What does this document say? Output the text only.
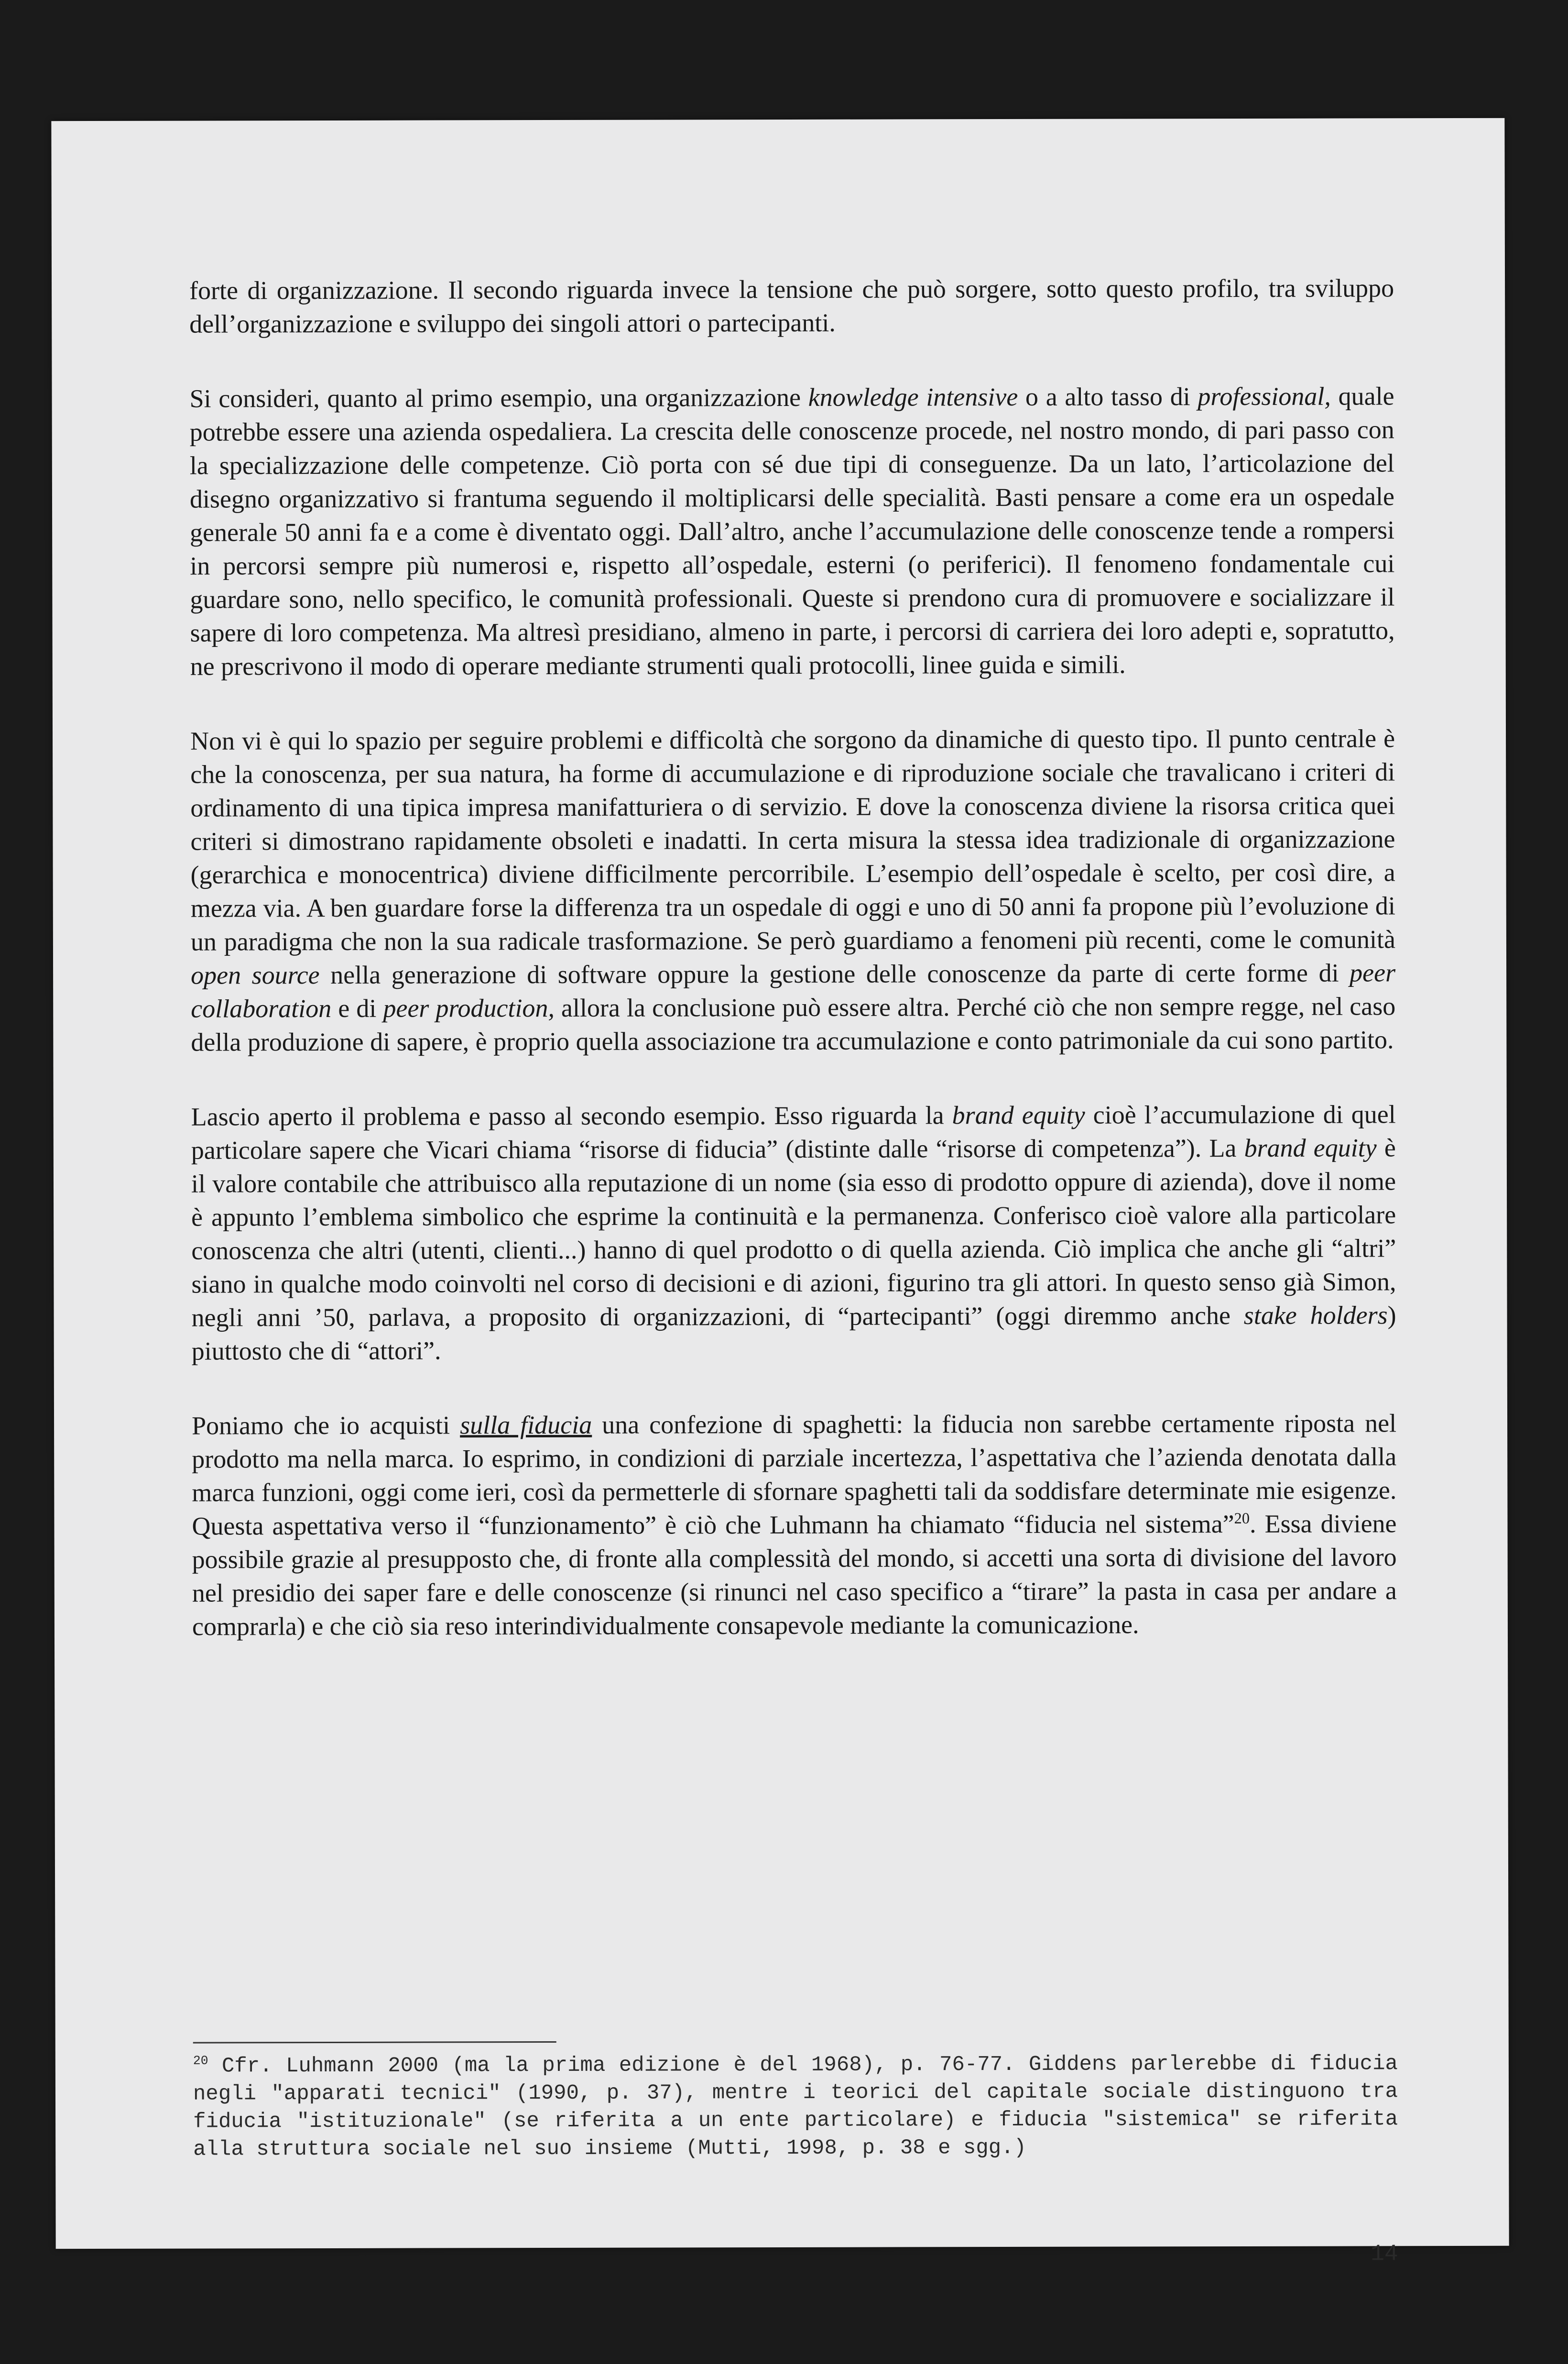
forte di organizzazione. Il secondo riguarda invece la tensione che può sorgere, sotto questo profilo, tra sviluppo dell’organizzazione e sviluppo dei singoli attori o partecipanti.

Si consideri, quanto al primo esempio, una organizzazione knowledge intensive o a alto tasso di professional, quale potrebbe essere una azienda ospedaliera. La crescita delle conoscenze procede, nel nostro mondo, di pari passo con la specializzazione delle competenze. Ciò porta con sé due tipi di conseguenze. Da un lato, l’articolazione del disegno organizzativo si frantuma seguendo il moltiplicarsi delle specialità. Basti pensare a come era un ospedale generale 50 anni fa e a come è diventato oggi. Dall’altro, anche l’accumulazione delle conoscenze tende a rompersi in percorsi sempre più numerosi e, rispetto all’ospedale, esterni (o periferici). Il fenomeno fondamentale cui guardare sono, nello specifico, le comunità professionali. Queste si prendono cura di promuovere e socializzare il sapere di loro competenza. Ma altresì presidiano, almeno in parte, i percorsi di carriera dei loro adepti e, sopratutto, ne prescrivono il modo di operare mediante strumenti quali protocolli, linee guida e simili.

Non vi è qui lo spazio per seguire problemi e difficoltà che sorgono da dinamiche di questo tipo. Il punto centrale è che la conoscenza, per sua natura, ha forme di accumulazione e di riproduzione sociale che travalicano i criteri di ordinamento di una tipica impresa manifatturiera o di servizio. E dove la conoscenza diviene la risorsa critica quei criteri si dimostrano rapidamente obsoleti e inadatti. In certa misura la stessa idea tradizionale di organizzazione (gerarchica e monocentrica) diviene difficilmente percorribile. L’esempio dell’ospedale è scelto, per così dire, a mezza via. A ben guardare forse la differenza tra un ospedale di oggi e uno di 50 anni fa propone più l’evoluzione di un paradigma che non la sua radicale trasformazione. Se però guardiamo a fenomeni più recenti, come le comunità open source nella generazione di software oppure la gestione delle conoscenze da parte di certe forme di peer collaboration e di peer production, allora la conclusione può essere altra. Perché ciò che non sempre regge, nel caso della produzione di sapere, è proprio quella associazione tra accumulazione e conto patrimoniale da cui sono partito.

Lascio aperto il problema e passo al secondo esempio. Esso riguarda la brand equity cioè l’accumulazione di quel particolare sapere che Vicari chiama “risorse di fiducia” (distinte dalle “risorse di competenza”). La brand equity è il valore contabile che attribuisco alla reputazione di un nome (sia esso di prodotto oppure di azienda), dove il nome è appunto l’emblema simbolico che esprime la continuità e la permanenza. Conferisco cioè valore alla particolare conoscenza che altri (utenti, clienti...) hanno di quel prodotto o di quella azienda. Ciò implica che anche gli “altri” siano in qualche modo coinvolti nel corso di decisioni e di azioni, figurino tra gli attori. In questo senso già Simon, negli anni ’50, parlava, a proposito di organizzazioni, di “partecipanti” (oggi diremmo anche stake holders) piuttosto che di “attori”.

Poniamo che io acquisti sulla fiducia una confezione di spaghetti: la fiducia non sarebbe certamente riposta nel prodotto ma nella marca. Io esprimo, in condizioni di parziale incertezza, l’aspettativa che l’azienda denotata dalla marca funzioni, oggi come ieri, così da permetterle di sfornare spaghetti tali da soddisfare determinate mie esigenze. Questa aspettativa verso il “funzionamento” è ciò che Luhmann ha chiamato “fiducia nel sistema”$^{20}$. Essa diviene possibile grazie al presupposto che, di fronte alla complessità del mondo, si accetti una sorta di divisione del lavoro nel presidio dei saper fare e delle conoscenze (si rinunci nel caso specifico a “tirare” la pasta in casa per andare a comprarla) e che ciò sia reso interindividualmente consapevole mediante la comunicazione.

$^{20}$ Cfr. Luhmann 2000 (ma la prima edizione è del 1968), p. 76-77. Giddens parlerebbe di fiducia negli "apparati tecnici" (1990, p. 37), mentre i teorici del capitale sociale distinguono tra fiducia "istituzionale" (se riferita a un ente particolare) e fiducia "sistemica" se riferita alla struttura sociale nel suo insieme (Mutti, 1998, p. 38 e sgg.)
14
